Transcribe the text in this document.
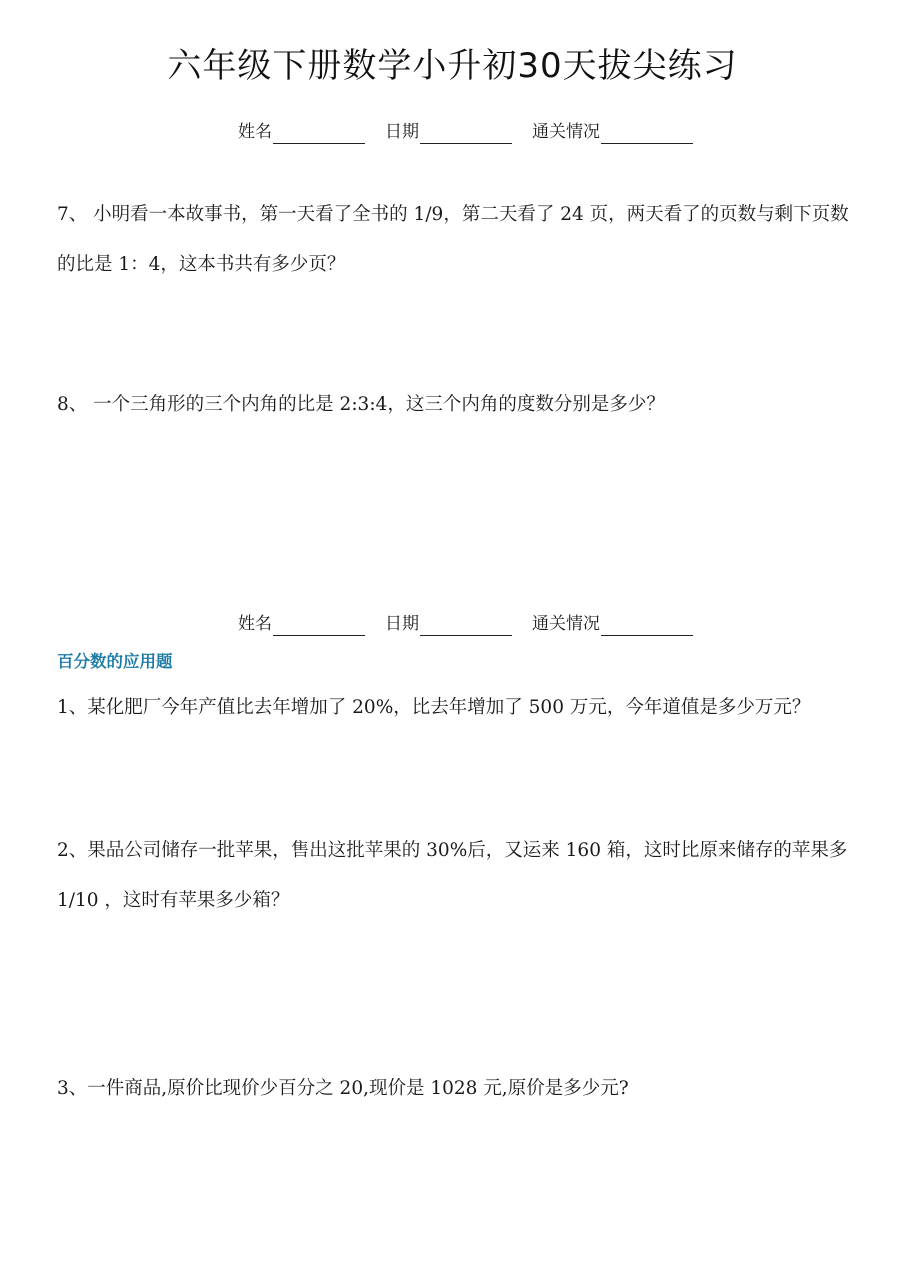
六年级下册数学小升初30天拔尖练习
姓名	日期	通关情况
7、 小明看一本故事书，第一天看了全书的 1/9，第二天看了 24 页，两天看了的页数与剩下页数的比是 1：4，这本书共有多少页？
8、 一个三角形的三个内角的比是 2:3:4，这三个内角的度数分别是多少？
姓名	日期	通关情况
百分数的应用题
1、某化肥厂今年产值比去年增加了 20%，比去年增加了 500 万元，今年道值是多少万元？
2、果品公司储存一批苹果，售出这批苹果的 30%后，又运来 160 箱，这时比原来储存的苹果多 1/10 ，这时有苹果多少箱？
3、一件商品,原价比现价少百分之 20,现价是 1028 元,原价是多少元?
